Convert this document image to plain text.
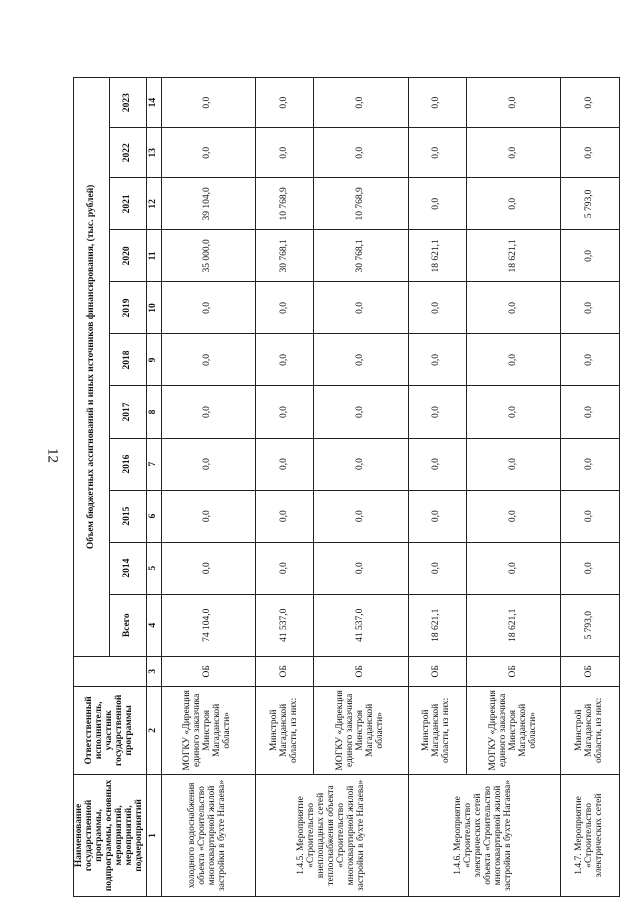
12
Наименование государственной программы, подпрограммы, основных мероприятий, мероприятий, подмероприятий	Ответственный исполнитель, участник государственной программы		Объем бюджетных ассигнований и иных источников финансирования, (тыс. рублей)										
			Всего	2014	2015	2016	2017	2018	2019	2020	2021	2022	2023
1	2	3	4	5	6	7	8	9	10	11	12	13	14
холодного водоснабжения объекта «Строительство многоквартирной жилой застройки в бухте Нагаева»	МОГКУ «Дирекция единого заказчика Минстроя Магаданской области»	ОБ	74 104,0	0,0	0,0	0,0	0,0	0,0	0,0	35 000,0	39 104,0	0,0	0,0
1.4.5. Мероприятие «Строительство внеплощадных сетей теплоснабжения объекта «Строительство многоквартирной жилой застройки в бухте Нагаева»	Минстрой Магаданской области, из них:	ОБ	41 537,0	0,0	0,0	0,0	0,0	0,0	0,0	30 768,1	10 768,9	0,0	0,0
	МОГКУ «Дирекция единого заказчика Минстроя Магаданской области»	ОБ	41 537,0	0,0	0,0	0,0	0,0	0,0	0,0	30 768,1	10 768,9	0,0	0,0
1.4.6. Мероприятие «Строительство электрических сетей объекта «Строительство многоквартирной жилой застройки в бухте Нагаева»	Минстрой Магаданской области, из них:	ОБ	18 621,1	0,0	0,0	0,0	0,0	0,0	0,0	18 621,1	0,0	0,0	0,0
	МОГКУ «Дирекция единого заказчика Минстроя Магаданской области»	ОБ	18 621,1	0,0	0,0	0,0	0,0	0,0	0,0	18 621,1	0,0	0,0	0,0
1.4.7. Мероприятие «Строительство электрических сетей	Минстрой Магаданской области, из них:	ОБ	5 793,0	0,0	0,0	0,0	0,0	0,0	0,0	0,0	5 793,0	0,0	0,0
